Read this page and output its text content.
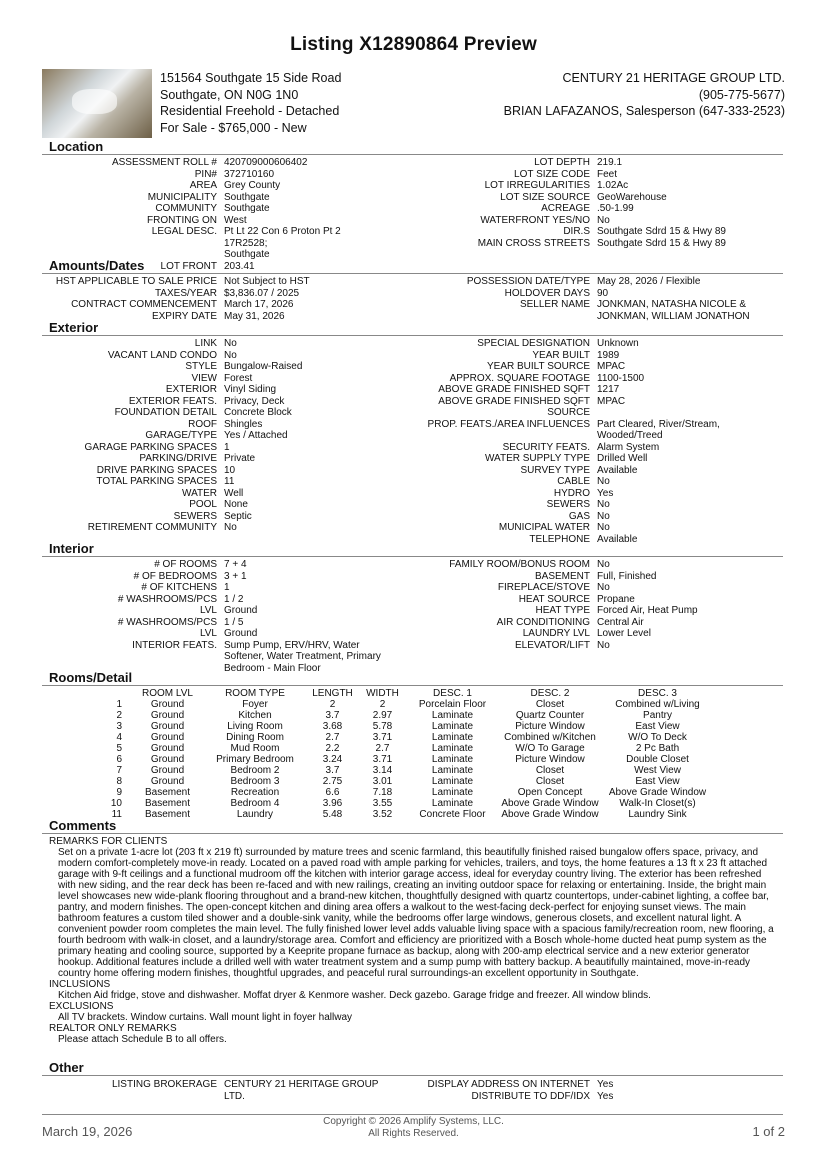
Listing X12890864 Preview
151564 Southgate 15 Side Road
Southgate, ON N0G 1N0
Residential Freehold - Detached
For Sale - $765,000 - New
CENTURY 21 HERITAGE GROUP LTD.
(905-775-5677)
BRIAN LAFAZANOS, Salesperson (647-333-2523)
Location
ASSESSMENT ROLL # 420709000606402
PIN# 372710160
AREA Grey County
MUNICIPALITY Southgate
COMMUNITY Southgate
FRONTING ON West
LEGAL DESC. Pt Lt 22 Con 6 Proton Pt 2 17R2528;
Southgate
LOT FRONT 203.41
LOT DEPTH 219.1
LOT SIZE CODE Feet
LOT IRREGULARITIES 1.02Ac
LOT SIZE SOURCE GeoWarehouse
ACREAGE .50-1.99
WATERFRONT YES/NO No
DIR.S Southgate Sdrd 15 & Hwy 89
MAIN CROSS STREETS Southgate Sdrd 15 & Hwy 89
Amounts/Dates
HST APPLICABLE TO SALE PRICE Not Subject to HST
TAXES/YEAR $3,836.07 / 2025
CONTRACT COMMENCEMENT March 17, 2026
EXPIRY DATE May 31, 2026
POSSESSION DATE/TYPE May 28, 2026 / Flexible
HOLDOVER DAYS 90
SELLER NAME JONKMAN, NATASHA NICOLE &
JONKMAN, WILLIAM JONATHON
Exterior
LINK No
VACANT LAND CONDO No
STYLE Bungalow-Raised
VIEW Forest
EXTERIOR Vinyl Siding
EXTERIOR FEATS. Privacy, Deck
FOUNDATION DETAIL Concrete Block
ROOF Shingles
GARAGE/TYPE Yes / Attached
GARAGE PARKING SPACES 1
PARKING/DRIVE Private
DRIVE PARKING SPACES 10
TOTAL PARKING SPACES 11
WATER Well
POOL None
SEWERS Septic
RETIREMENT COMMUNITY No
SPECIAL DESIGNATION Unknown
YEAR BUILT 1989
YEAR BUILT SOURCE MPAC
APPROX. SQUARE FOOTAGE 1100-1500
ABOVE GRADE FINISHED SQFT 1217
ABOVE GRADE FINISHED SQFT MPAC
SOURCE
PROP. FEATS./AREA INFLUENCES Part Cleared, River/Stream,
Wooded/Treed
SECURITY FEATS. Alarm System
WATER SUPPLY TYPE Drilled Well
SURVEY TYPE Available
CABLE No
HYDRO Yes
SEWERS No
GAS No
MUNICIPAL WATER No
TELEPHONE Available
Interior
# OF ROOMS 7 + 4
# OF BEDROOMS 3 + 1
# OF KITCHENS 1
# WASHROOMS/PCS 1 / 2
LVL Ground
# WASHROOMS/PCS 1 / 5
LVL Ground
INTERIOR FEATS. Sump Pump, ERV/HRV, Water
Softener, Water Treatment, Primary
Bedroom - Main Floor
FAMILY ROOM/BONUS ROOM No
BASEMENT Full, Finished
FIREPLACE/STOVE No
HEAT SOURCE Propane
HEAT TYPE Forced Air, Heat Pump
AIR CONDITIONING Central Air
LAUNDRY LVL Lower Level
ELEVATOR/LIFT No
Rooms/Detail
	ROOM LVL	ROOM TYPE	LENGTH	WIDTH	DESC. 1	DESC. 2	DESC. 3
1	Ground	Foyer	2	2	Porcelain Floor	Closet	Combined w/Living
2	Ground	Kitchen	3.7	2.97	Laminate	Quartz Counter	Pantry
3	Ground	Living Room	3.68	5.78	Laminate	Picture Window	East View
4	Ground	Dining Room	2.7	3.71	Laminate	Combined w/Kitchen	W/O To Deck
5	Ground	Mud Room	2.2	2.7	Laminate	W/O To Garage	2 Pc Bath
6	Ground	Primary Bedroom	3.24	3.71	Laminate	Picture Window	Double Closet
7	Ground	Bedroom 2	3.7	3.14	Laminate	Closet	West View
8	Ground	Bedroom 3	2.75	3.01	Laminate	Closet	East View
9	Basement	Recreation	6.6	7.18	Laminate	Open Concept	Above Grade Window
10	Basement	Bedroom 4	3.96	3.55	Laminate	Above Grade Window	Walk-In Closet(s)
11	Basement	Laundry	5.48	3.52	Concrete Floor	Above Grade Window	Laundry Sink
Comments
REMARKS FOR CLIENTS
Set on a private 1-acre lot (203 ft x 219 ft) surrounded by mature trees and scenic farmland, this beautifully finished raised bungalow offers space, privacy, and modern comfort-completely move-in ready. Located on a paved road with ample parking for vehicles, trailers, and toys, the home features a 13 ft x 23 ft attached garage with 9-ft ceilings and a functional mudroom off the kitchen with interior garage access, ideal for everyday country living. The exterior has been refreshed with new siding, and the rear deck has been re-faced and with new railings, creating an inviting outdoor space for relaxing or entertaining. Inside, the bright main level showcases new wide-plank flooring throughout and a brand-new kitchen, thoughtfully designed with quartz countertops, under-cabinet lighting, a coffee bar, pantry, and modern finishes. The open-concept kitchen and dining area offers a walkout to the west-facing deck-perfect for enjoying sunset views. The main bathroom features a custom tiled shower and a double-sink vanity, while the bedrooms offer large windows, generous closets, and excellent natural light. A convenient powder room completes the main level. The fully finished lower level adds valuable living space with a spacious family/recreation room, new flooring, a fourth bedroom with walk-in closet, and a laundry/storage area. Comfort and efficiency are prioritized with a Bosch whole-home ducted heat pump system as the primary heating and cooling source, supported by a Keeprite propane furnace as backup, along with 200-amp electrical service and a new exterior generator hookup. Additional features include a drilled well with water treatment system and a sump pump with battery backup. A beautifully maintained, move-in-ready country home offering modern finishes, thoughtful upgrades, and peaceful rural surroundings-an excellent opportunity in Southgate.
INCLUSIONS
Kitchen Aid fridge, stove and dishwasher. Moffat dryer & Kenmore washer. Deck gazebo. Garage fridge and freezer. All window blinds.
EXCLUSIONS
All TV brackets. Window curtains. Wall mount light in foyer hallway
REALTOR ONLY REMARKS
Please attach Schedule B to all offers.
Other
LISTING BROKERAGE CENTURY 21 HERITAGE GROUP
LTD.
DISPLAY ADDRESS ON INTERNET Yes
DISTRIBUTE TO DDF/IDX Yes
March 19, 2026
Copyright © 2026 Amplify Systems, LLC.
All Rights Reserved.	1 of 2
